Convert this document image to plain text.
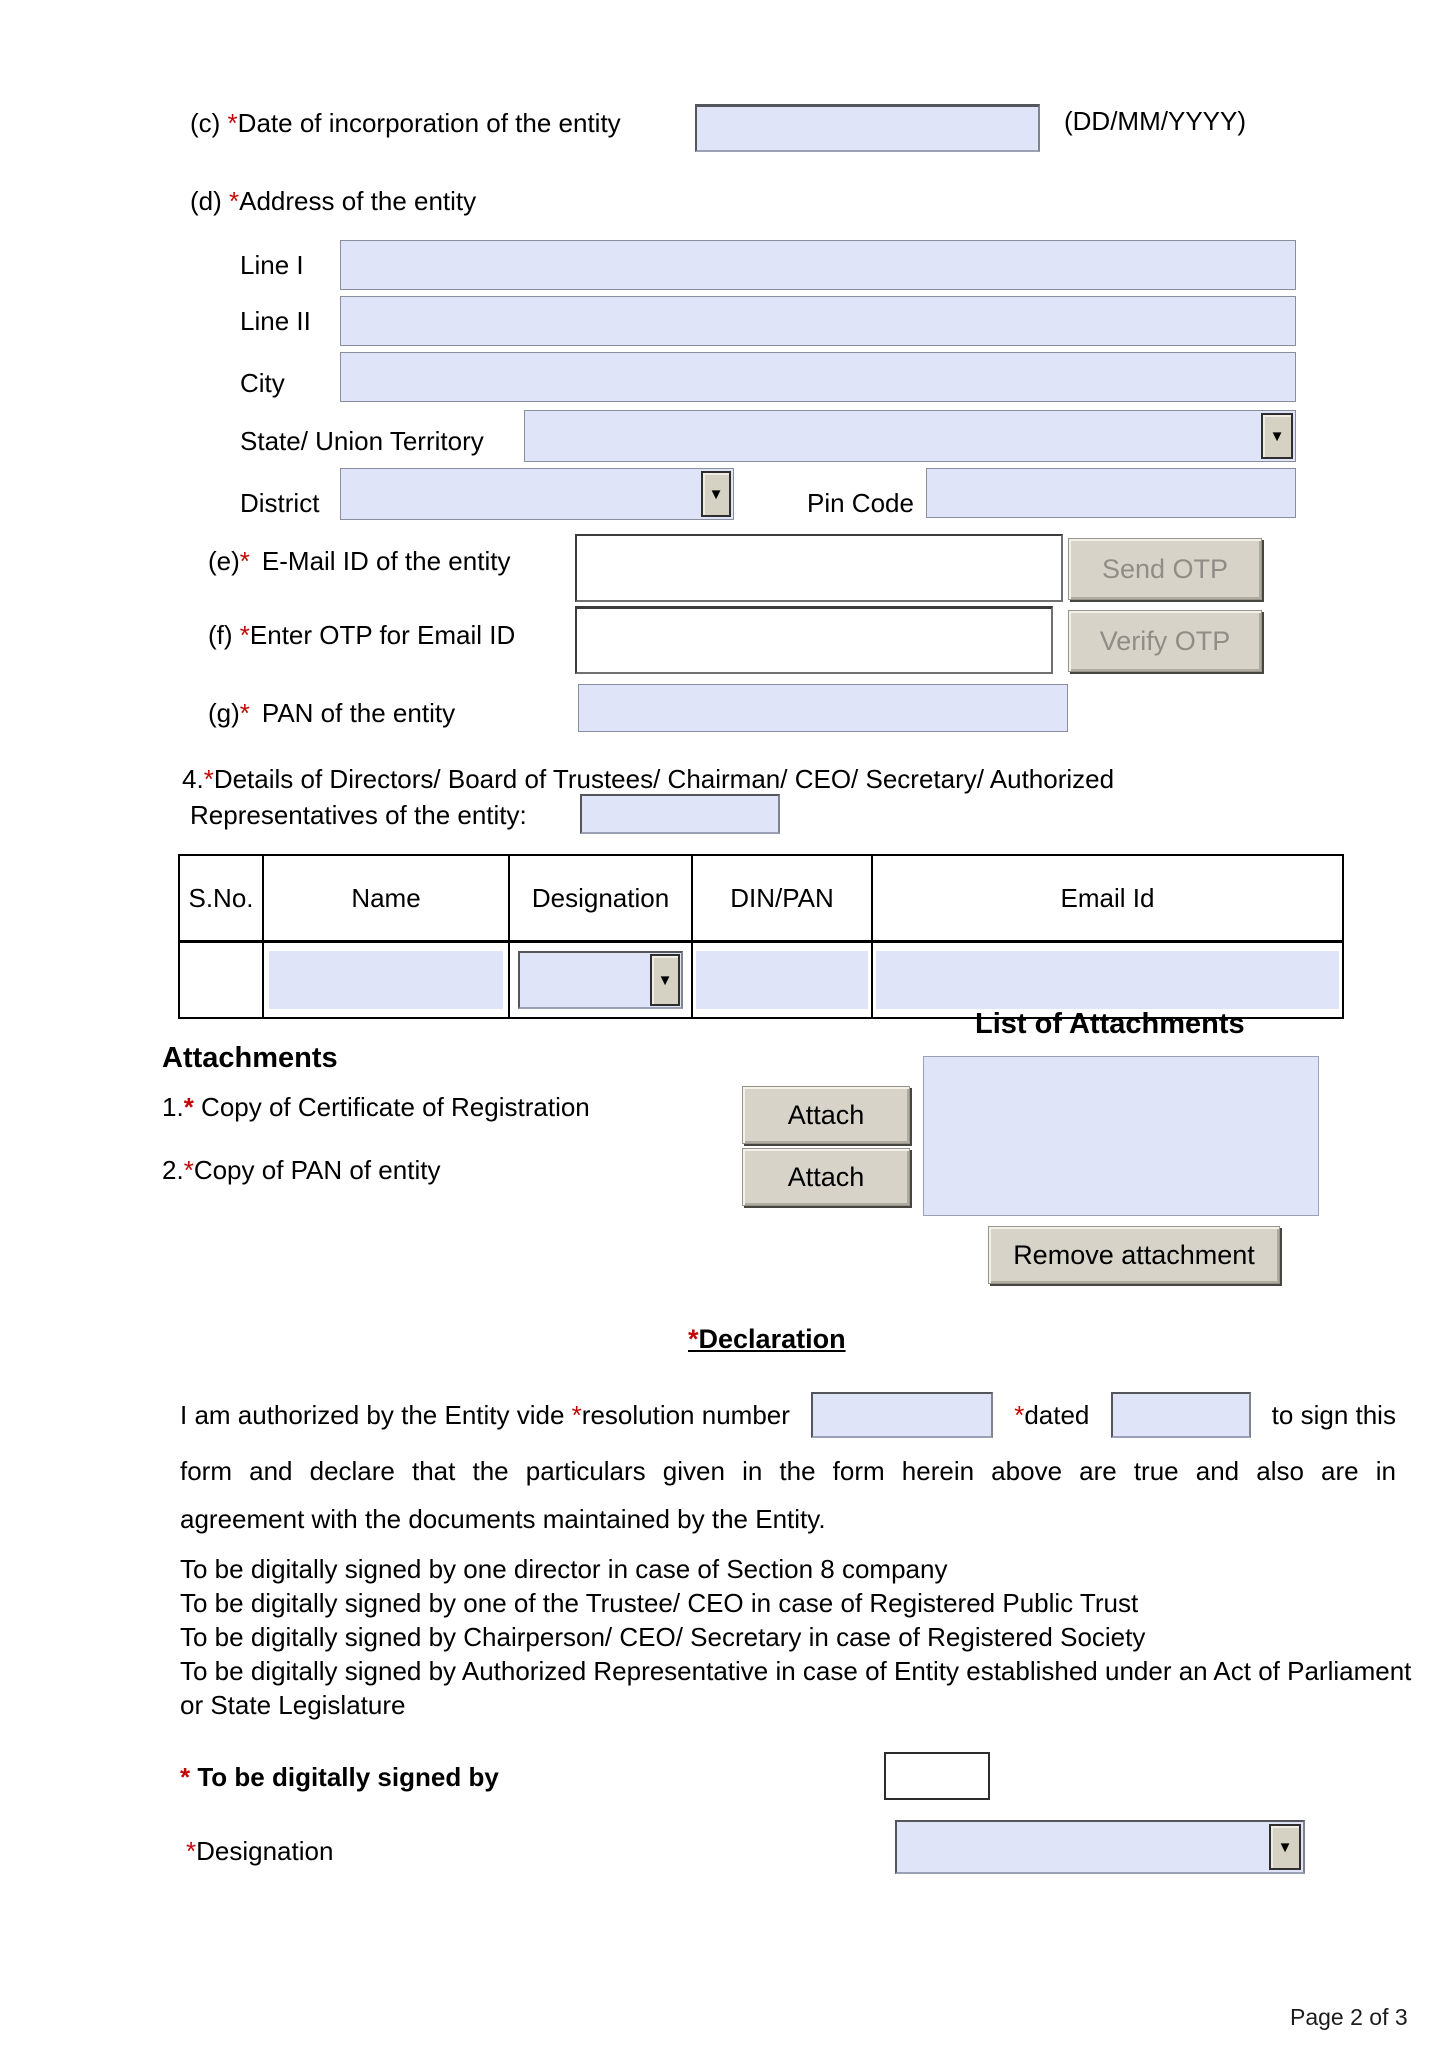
(c) *Date of incorporation of the entity	(DD/MM/YYYY)
(d) *Address of the entity
Line I
Line II
City
State/ Union Territory	▼
District	▼	Pin Code
(e)* E-Mail ID of the entity	Send OTP
(f) *Enter OTP for Email ID	Verify OTP
(g)* PAN of the entity
4.*Details of Directors/ Board of Trustees/ Chairman/ CEO/ Secretary/ Authorized
Representatives of the entity:
S.No.	Name	Designation	DIN/PAN	Email Id

		▼		

List of Attachments
Attachments
1.* Copy of Certificate of Registration	Attach
2.*Copy of PAN of entity	Attach
Remove attachment
*Declaration
I am authorized by the Entity vide *resolution number	*dated	to sign this
form and declare that the particulars given in the form herein above are true and also are in
agreement with the documents maintained by the Entity.
To be digitally signed by one director in case of Section 8 company
To be digitally signed by one of the Trustee/ CEO in case of Registered Public Trust
To be digitally signed by Chairperson/ CEO/ Secretary in case of Registered Society
To be digitally signed by Authorized Representative in case of Entity established under an Act of Parliament or State Legislature
* To be digitally signed by
*Designation	▼
Page 2 of 3
